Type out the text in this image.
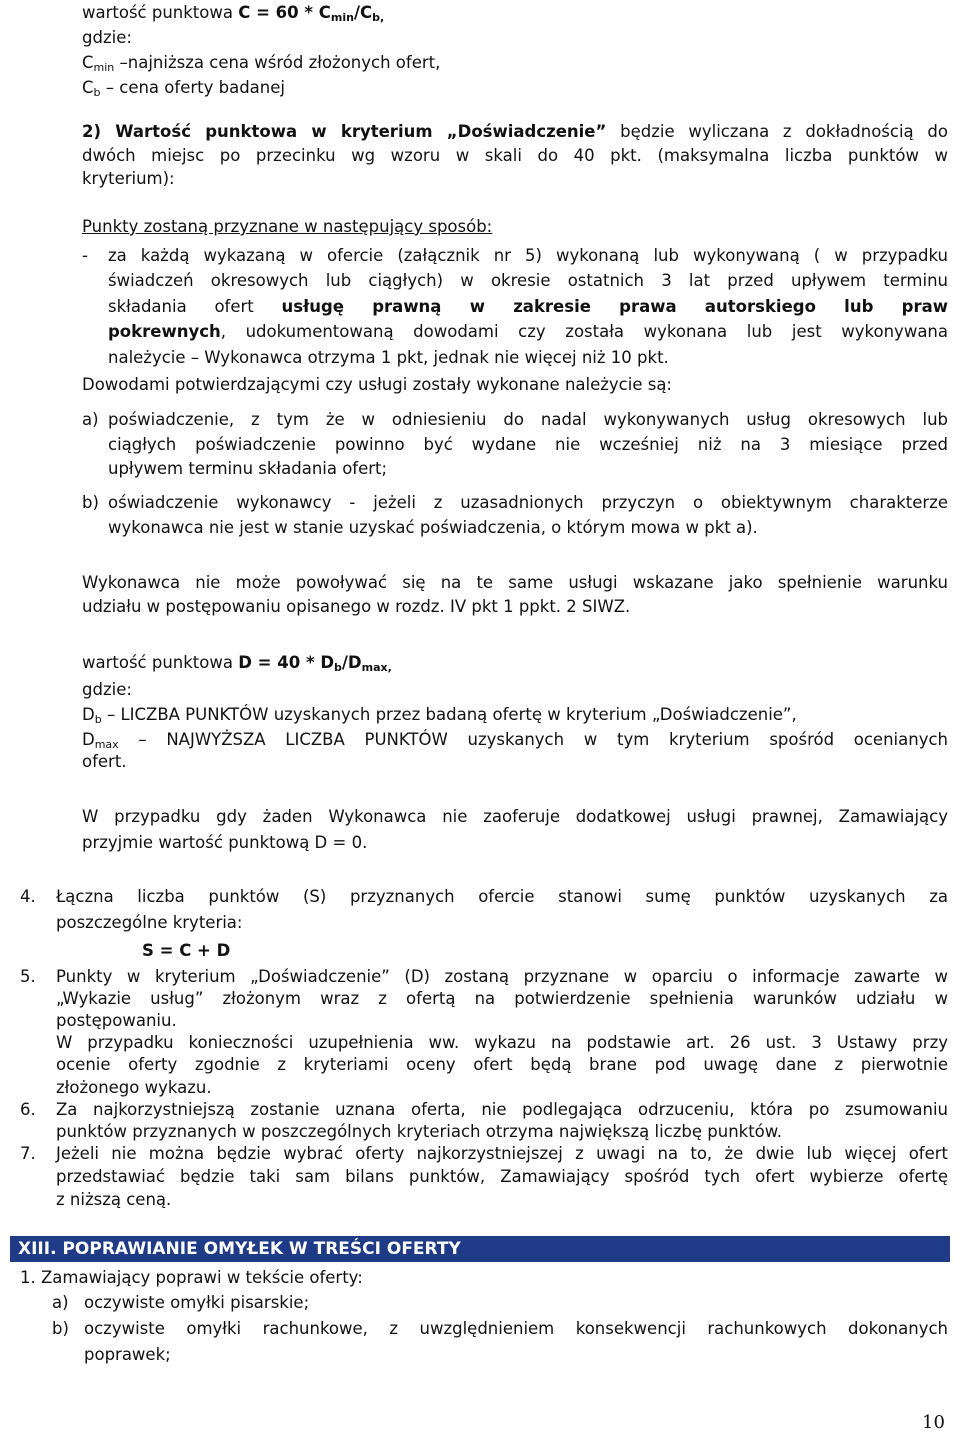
wartość punktowa $C = 60 * C_{min}/C_{b,}$
gdzie:
$C_{min}$ –najniższa cena wśród złożonych ofert,
$C_b$ – cena oferty badanej
2) Wartość punktowa w kryterium „Doświadczenie” będzie wyliczana z dokładnością do
dwóch miejsc po przecinku wg wzoru w skali do 40 pkt. (maksymalna liczba punktów w
kryterium):
Punkty zostaną przyznane w następujący sposób:
- za każdą wykazaną w ofercie (załącznik nr 5) wykonaną lub wykonywaną ( w przypadku
świadczeń okresowych lub ciągłych) w okresie ostatnich 3 lat przed upływem terminu
składania ofert usługę prawną w zakresie prawa autorskiego lub praw
pokrewnych, udokumentowaną dowodami czy została wykonana lub jest wykonywana
należycie – Wykonawca otrzyma 1 pkt, jednak nie więcej niż 10 pkt.
Dowodami potwierdzającymi czy usługi zostały wykonane należycie są:
a) poświadczenie, z tym że w odniesieniu do nadal wykonywanych usług okresowych lub
ciągłych poświadczenie powinno być wydane nie wcześniej niż na 3 miesiące przed
upływem terminu składania ofert;
b) oświadczenie wykonawcy - jeżeli z uzasadnionych przyczyn o obiektywnym charakterze
wykonawca nie jest w stanie uzyskać poświadczenia, o którym mowa w pkt a).
Wykonawca nie może powoływać się na te same usługi wskazane jako spełnienie warunku
udziału w postępowaniu opisanego w rozdz. IV pkt 1 ppkt. 2 SIWZ.
wartość punktowa $D = 40 * D_b/D_{max,}$
gdzie:
$D_b$ – LICZBA PUNKTÓW uzyskanych przez badaną ofertę w kryterium „Doświadczenie”,
$D_{max}$ – NAJWYŻSZA LICZBA PUNKTÓW uzyskanych w tym kryterium spośród ocenianych
ofert.
W przypadku gdy żaden Wykonawca nie zaoferuje dodatkowej usługi prawnej, Zamawiający
przyjmie wartość punktową D = 0.
4. Łączna liczba punktów (S) przyznanych ofercie stanowi sumę punktów uzyskanych za
poszczególne kryteria:
S = C + D
5. Punkty w kryterium „Doświadczenie” (D) zostaną przyznane w oparciu o informacje zawarte w
„Wykazie usług” złożonym wraz z ofertą na potwierdzenie spełnienia warunków udziału w
postępowaniu.
W przypadku konieczności uzupełnienia ww. wykazu na podstawie art. 26 ust. 3 Ustawy przy
ocenie oferty zgodnie z kryteriami oceny ofert będą brane pod uwagę dane z pierwotnie
złożonego wykazu.
6. Za najkorzystniejszą zostanie uznana oferta, nie podlegająca odrzuceniu, która po zsumowaniu
punktów przyznanych w poszczególnych kryteriach otrzyma największą liczbę punktów.
7. Jeżeli nie można będzie wybrać oferty najkorzystniejszej z uwagi na to, że dwie lub więcej ofert
przedstawiać będzie taki sam bilans punktów, Zamawiający spośród tych ofert wybierze ofertę
z niższą ceną.
XIII. POPRAWIANIE OMYŁEK W TREŚCI OFERTY
1. Zamawiający poprawi w tekście oferty:
a) oczywiste omyłki pisarskie;
b) oczywiste omyłki rachunkowe, z uwzględnieniem konsekwencji rachunkowych dokonanych
poprawek;
10
